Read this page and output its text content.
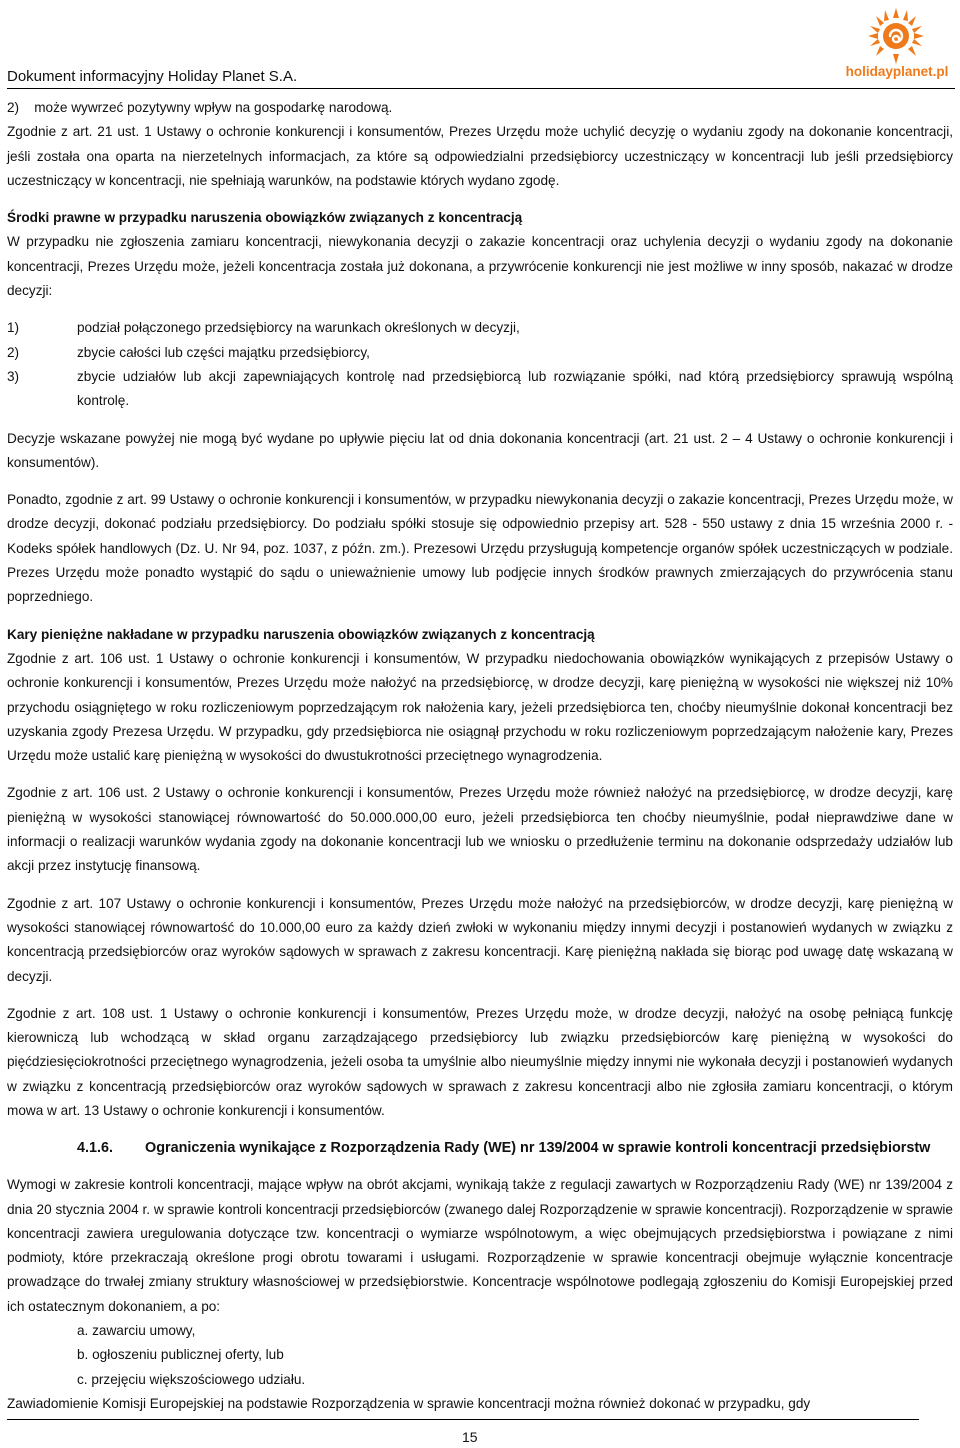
Dokument informacyjny Holiday Planet S.A.	holidayplanet.pl

2)    może wywrzeć pozytywny wpływ na gospodarkę narodową.

Zgodnie z art. 21 ust. 1 Ustawy o ochronie konkurencji i konsumentów, Prezes Urzędu może uchylić decyzję o wydaniu zgody na dokonanie koncentracji, jeśli została ona oparta na nierzetelnych informacjach, za które są odpowiedzialni przedsiębiorcy uczestniczący w koncentracji lub jeśli przedsiębiorcy uczestniczący w koncentracji, nie spełniają warunków, na podstawie których wydano zgodę.

Środki prawne w przypadku naruszenia obowiązków związanych z koncentracją

W przypadku nie zgłoszenia zamiaru koncentracji, niewykonania decyzji o zakazie koncentracji oraz uchylenia decyzji o wydaniu zgody na dokonanie koncentracji, Prezes Urzędu może, jeżeli koncentracja została już dokonana, a przywrócenie konkurencji nie jest możliwe w inny sposób, nakazać w drodze decyzji:

1)	podział połączonego przedsiębiorcy na warunkach określonych w decyzji,
2)	zbycie całości lub części majątku przedsiębiorcy,
3)	zbycie udziałów lub akcji zapewniających kontrolę nad przedsiębiorcą lub rozwiązanie spółki, nad którą przedsiębiorcy sprawują wspólną kontrolę.

Decyzje wskazane powyżej nie mogą być wydane po upływie pięciu lat od dnia dokonania koncentracji (art. 21 ust. 2 – 4 Ustawy o ochronie konkurencji i konsumentów).

Ponadto, zgodnie z art. 99 Ustawy o ochronie konkurencji i konsumentów, w przypadku niewykonania decyzji o zakazie koncentracji, Prezes Urzędu może, w drodze decyzji, dokonać podziału przedsiębiorcy. Do podziału spółki stosuje się odpowiednio przepisy art. 528 - 550 ustawy z dnia 15 września 2000 r. - Kodeks spółek handlowych (Dz. U. Nr 94, poz. 1037, z późn. zm.). Prezesowi Urzędu przysługują kompetencje organów spółek uczestniczących w podziale. Prezes Urzędu może ponadto wystąpić do sądu o unieważnienie umowy lub podjęcie innych środków prawnych zmierzających do przywrócenia stanu poprzedniego.

Kary pieniężne nakładane w przypadku naruszenia obowiązków związanych z koncentracją

Zgodnie z art. 106 ust. 1 Ustawy o ochronie konkurencji i konsumentów, W przypadku niedochowania obowiązków wynikających z przepisów Ustawy o ochronie konkurencji i konsumentów, Prezes Urzędu może nałożyć na przedsiębiorcę, w drodze decyzji, karę pieniężną w wysokości nie większej niż 10% przychodu osiągniętego w roku rozliczeniowym poprzedzającym rok nałożenia kary, jeżeli przedsiębiorca ten, choćby nieumyślnie dokonał koncentracji bez uzyskania zgody Prezesa Urzędu. W przypadku, gdy przedsiębiorca nie osiągnął przychodu w roku rozliczeniowym poprzedzającym nałożenie kary, Prezes Urzędu może ustalić karę pieniężną w wysokości do dwustukrotności przeciętnego wynagrodzenia.

Zgodnie z art. 106 ust. 2 Ustawy o ochronie konkurencji i konsumentów, Prezes Urzędu może również nałożyć na przedsiębiorcę, w drodze decyzji, karę pieniężną w wysokości stanowiącej równowartość do 50.000.000,00 euro, jeżeli przedsiębiorca ten choćby nieumyślnie, podał nieprawdziwe dane w informacji o realizacji warunków wydania zgody na dokonanie koncentracji lub we wniosku o przedłużenie terminu na dokonanie odsprzedaży udziałów lub akcji przez instytucję finansową.

Zgodnie z art. 107 Ustawy o ochronie konkurencji i konsumentów, Prezes Urzędu może nałożyć na przedsiębiorców, w drodze decyzji, karę pieniężną w wysokości stanowiącej równowartość do 10.000,00 euro za każdy dzień zwłoki w wykonaniu między innymi decyzji i postanowień wydanych w związku z koncentracją przedsiębiorców oraz wyroków sądowych w sprawach z zakresu koncentracji. Karę pieniężną nakłada się biorąc pod uwagę datę wskazaną w decyzji.

Zgodnie z art. 108 ust. 1 Ustawy o ochronie konkurencji i konsumentów, Prezes Urzędu może, w drodze decyzji, nałożyć na osobę pełniącą funkcję kierowniczą lub wchodzącą w skład organu zarządzającego przedsiębiorcy lub związku przedsiębiorców karę pieniężną w wysokości do pięćdziesięciokrotności przeciętnego wynagrodzenia, jeżeli osoba ta umyślnie albo nieumyślnie między innymi nie wykonała decyzji i postanowień wydanych w związku z koncentracją przedsiębiorców oraz wyroków sądowych w sprawach z zakresu koncentracji albo nie zgłosiła zamiaru koncentracji, o którym mowa w art. 13 Ustawy o ochronie konkurencji i konsumentów.

4.1.6.	Ograniczenia wynikające z Rozporządzenia Rady (WE) nr 139/2004 w sprawie kontroli koncentracji przedsiębiorstw

Wymogi w zakresie kontroli koncentracji, mające wpływ na obrót akcjami, wynikają także z regulacji zawartych w Rozporządzeniu Rady (WE) nr 139/2004 z dnia 20 stycznia 2004 r. w sprawie kontroli koncentracji przedsiębiorców (zwanego dalej Rozporządzenie w sprawie koncentracji). Rozporządzenie w sprawie koncentracji zawiera uregulowania dotyczące tzw. koncentracji o wymiarze wspólnotowym, a więc obejmujących przedsiębiorstwa i powiązane z nimi podmioty, które przekraczają określone progi obrotu towarami i usługami. Rozporządzenie w sprawie koncentracji obejmuje wyłącznie koncentracje prowadzące do trwałej zmiany struktury własnościowej w przedsiębiorstwie. Koncentracje wspólnotowe podlegają zgłoszeniu do Komisji Europejskiej przed ich ostatecznym dokonaniem, a po:

a. zawarciu umowy,
b. ogłoszeniu publicznej oferty, lub
c. przejęciu większościowego udziału.

Zawiadomienie Komisji Europejskiej na podstawie Rozporządzenia w sprawie koncentracji można również dokonać w przypadku, gdy

15
